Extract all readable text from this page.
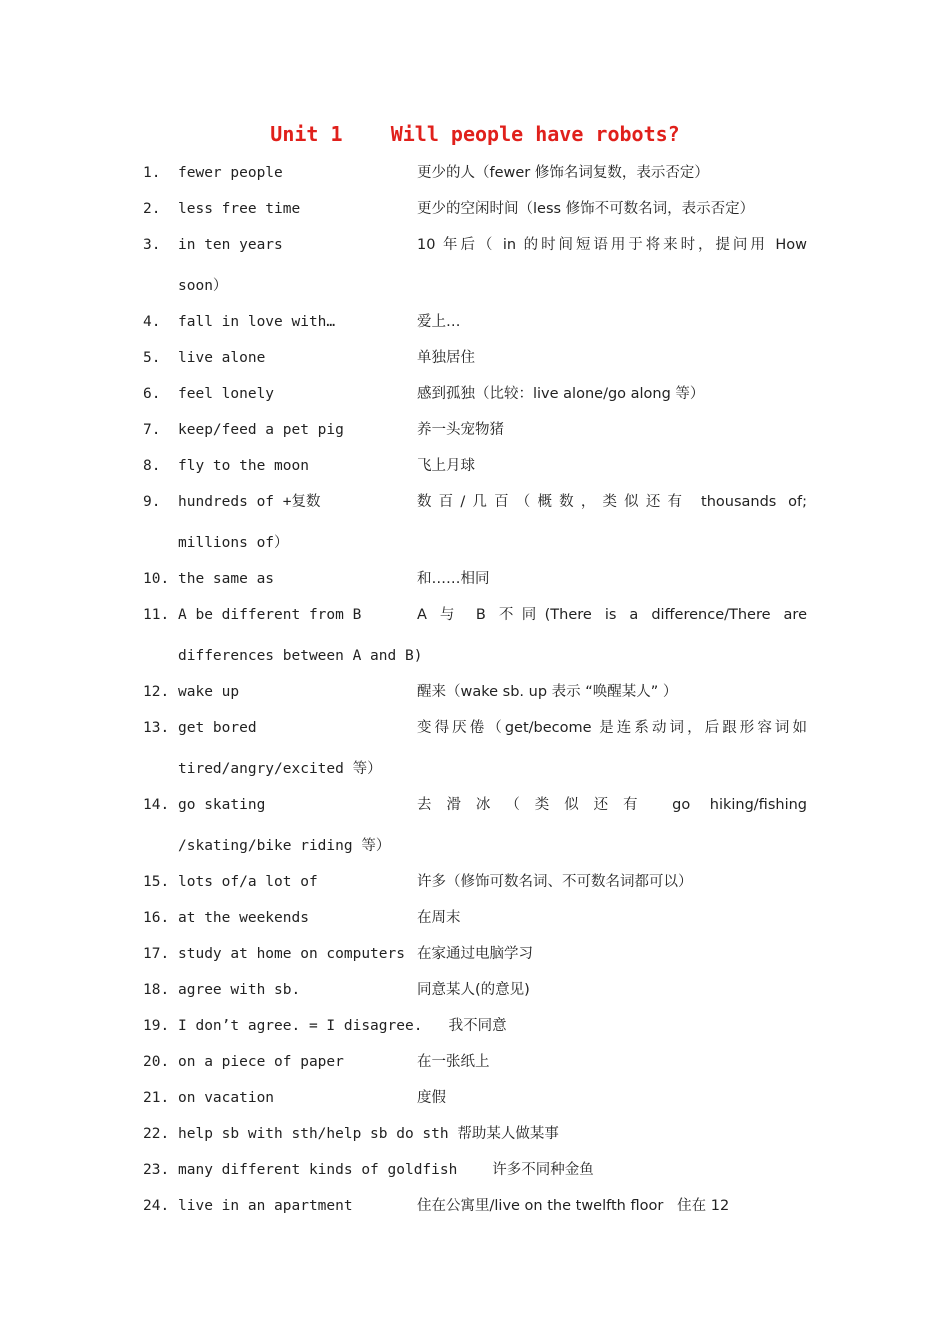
Unit 1    Will people have robots?
1. fewer people	更少的人（fewer 修饰名词复数，表示否定）
2. less free time	更少的空闲时间（less 修饰不可数名词，表示否定）
3. in ten years	10 年后（ in 的时间短语用于将来时，提问用 How
soon）
4. fall in love with…	爱上…
5. live alone	单独居住
6. feel lonely	感到孤独（比较：live alone/go along 等）
7. keep/feed a pet pig	养一头宠物猪
8. fly to the moon	飞上月球
9. hundreds of +复数	数百/几百（概数，类似还有 thousands of;
millions of）
10. the same as	和……相同
11. A be different from B	A 与 B 不同(There is a difference/There are
differences between A and B)
12. wake up	醒来（wake sb. up 表示 “唤醒某人” ）
13. get bored	变得厌倦（get/become 是连系动词，后跟形容词如
tired/angry/excited 等）
14. go skating	去滑冰（类似还有 go hiking/fishing
/skating/bike riding 等）
15. lots of/a lot of	许多（修饰可数名词、不可数名词都可以）
16. at the weekends	在周末
17. study at home on computers 在家通过电脑学习
18. agree with sb.	同意某人(的意见)
19. I don’t agree. = I disagree.   我不同意
20. on a piece of paper	在一张纸上
21. on vacation	度假
22. help sb with sth/help sb do sth 帮助某人做某事
23. many different kinds of goldfish    许多不同种金鱼
24. live in an apartment	住在公寓里/live on the twelfth floor   住在 12
